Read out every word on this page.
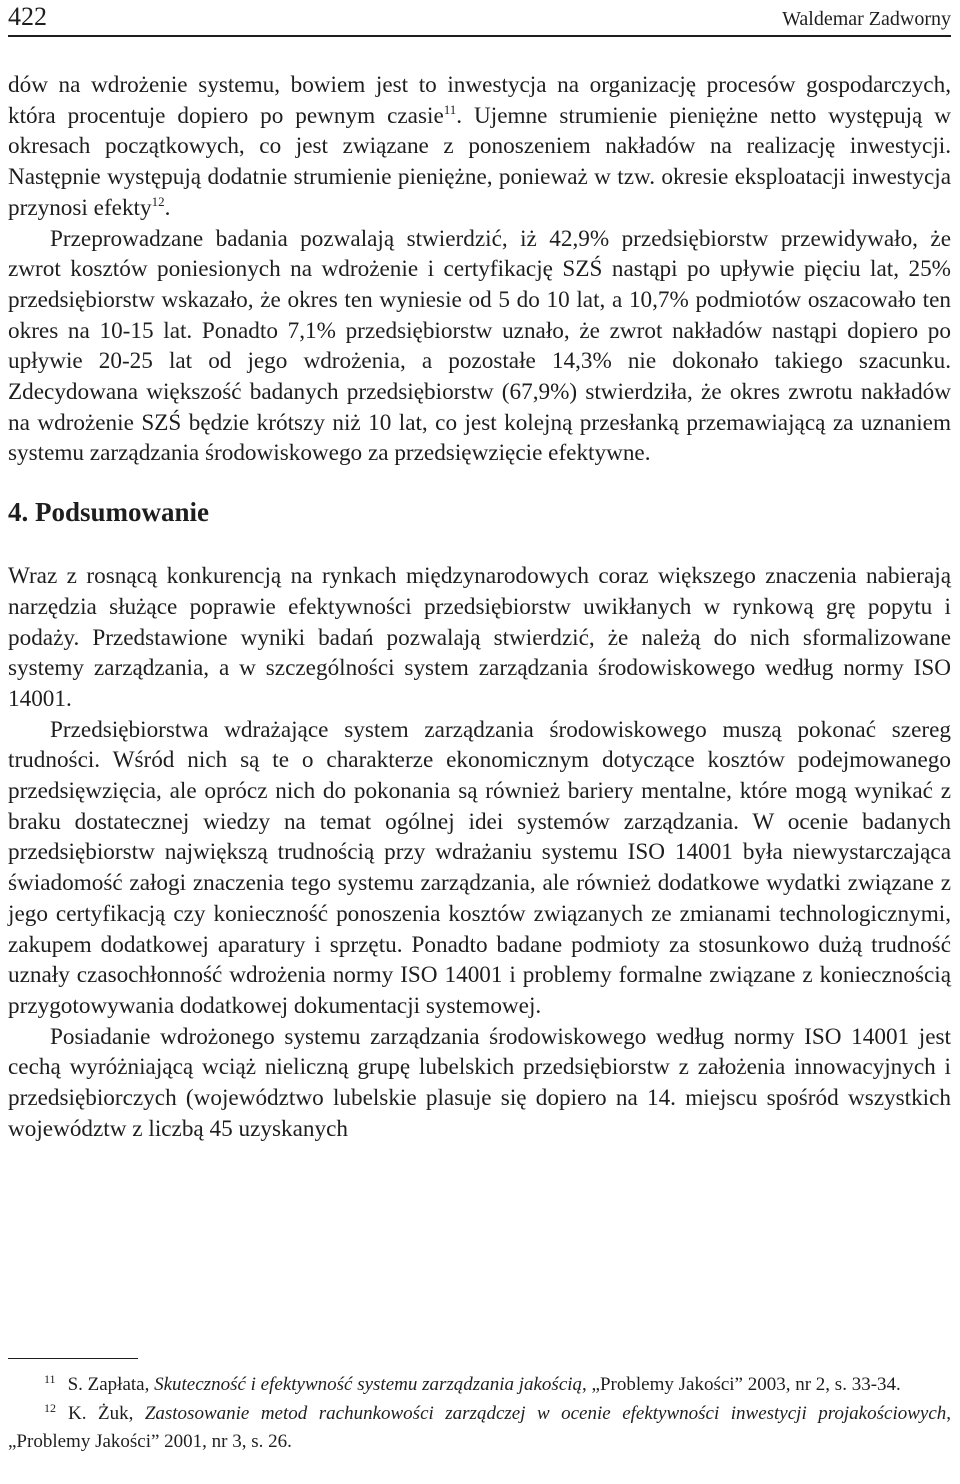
422	Waldemar Zadworny

dów na wdrożenie systemu, bowiem jest to inwestycja na organizację procesów gospodarczych, która procentuje dopiero po pewnym czasie$^{11}$. Ujemne strumienie pieniężne netto występują w okresach początkowych, co jest związane z ponoszeniem nakładów na realizację inwestycji. Następnie występują dodatnie strumienie pieniężne, ponieważ w tzw. okresie eksploatacji inwestycja przynosi efekty$^{12}$.

Przeprowadzane badania pozwalają stwierdzić, iż 42,9% przedsiębiorstw przewidywało, że zwrot kosztów poniesionych na wdrożenie i certyfikację SZŚ nastąpi po upływie pięciu lat, 25% przedsiębiorstw wskazało, że okres ten wyniesie od 5 do 10 lat, a 10,7% podmiotów oszacowało ten okres na 10-15 lat. Ponadto 7,1% przedsiębiorstw uznało, że zwrot nakładów nastąpi dopiero po upływie 20-25 lat od jego wdrożenia, a pozostałe 14,3% nie dokonało takiego szacunku. Zdecydowana większość badanych przedsiębiorstw (67,9%) stwierdziła, że okres zwrotu nakładów na wdrożenie SZŚ będzie krótszy niż 10 lat, co jest kolejną przesłanką przemawiającą za uznaniem systemu zarządzania środowiskowego za przedsięwzięcie efektywne.

4. Podsumowanie

Wraz z rosnącą konkurencją na rynkach międzynarodowych coraz większego znaczenia nabierają narzędzia służące poprawie efektywności przedsiębiorstw uwikłanych w rynkową grę popytu i podaży. Przedstawione wyniki badań pozwalają stwierdzić, że należą do nich sformalizowane systemy zarządzania, a w szczególności system zarządzania środowiskowego według normy ISO 14001.

Przedsiębiorstwa wdrażające system zarządzania środowiskowego muszą pokonać szereg trudności. Wśród nich są te o charakterze ekonomicznym dotyczące kosztów podejmowanego przedsięwzięcia, ale oprócz nich do pokonania są również bariery mentalne, które mogą wynikać z braku dostatecznej wiedzy na temat ogólnej idei systemów zarządzania. W ocenie badanych przedsiębiorstw największą trudnością przy wdrażaniu systemu ISO 14001 była niewystarczająca świadomość załogi znaczenia tego systemu zarządzania, ale również dodatkowe wydatki związane z jego certyfikacją czy konieczność ponoszenia kosztów związanych ze zmianami technologicznymi, zakupem dodatkowej aparatury i sprzętu. Ponadto badane podmioty za stosunkowo dużą trudność uznały czasochłonność wdrożenia normy ISO 14001 i problemy formalne związane z koniecznością przygotowywania dodatkowej dokumentacji systemowej.

Posiadanie wdrożonego systemu zarządzania środowiskowego według normy ISO 14001 jest cechą wyróżniającą wciąż nieliczną grupę lubelskich przedsiębiorstw z założenia innowacyjnych i przedsiębiorczych (województwo lubelskie plasuje się dopiero na 14. miejscu spośród wszystkich województw z liczbą 45 uzyskanych

$^{11}$ S. Zapłata, Skuteczność i efektywność systemu zarządzania jakością, „Problemy Jakości” 2003, nr 2, s. 33-34.

$^{12}$ K. Żuk, Zastosowanie metod rachunkowości zarządczej w ocenie efektywności inwestycji projakościowych, „Problemy Jakości” 2001, nr 3, s. 26.
